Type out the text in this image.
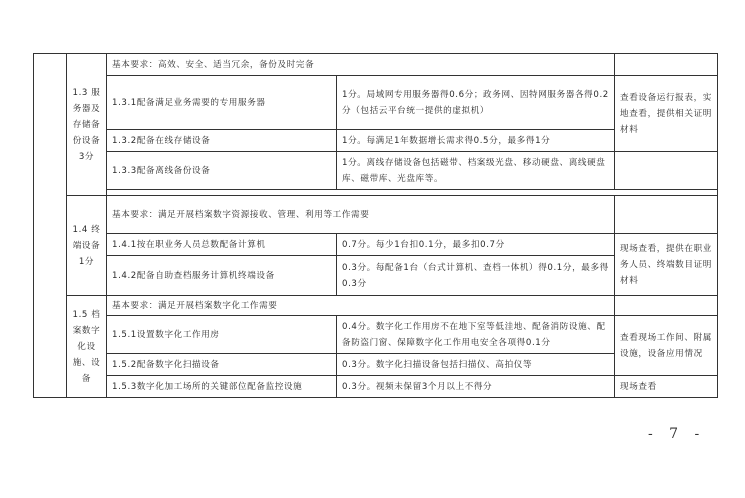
	1.3 服务器及存储备份设备3分	基本要求：高效、安全、适当冗余，备份及时完备		
		1.3.1配备满足业务需要的专用服务器	1分。局域网专用服务器得0.6分；政务网、因特网服务器各得0.2分（包括云平台统一提供的虚拟机）	查看设备运行报表，实地查看，提供相关证明材料
		1.3.2配备在线存储设备	1分。每满足1年数据增长需求得0.5分，最多得1分	
		1.3.3配备离线备份设备	1分。离线存储设备包括磁带、档案级光盘、移动硬盘、离线硬盘库、磁带库、光盘库等。	

	1.4 终端设备1分	基本要求：满足开展档案数字资源接收、管理、利用等工作需要		
		1.4.1按在职业务人员总数配备计算机	0.7分。每少1台扣0.1分，最多扣0.7分	现场查看，提供在职业务人员、终端数目证明材料
		1.4.2配备自助查档服务计算机终端设备	0.3分。每配备1台（台式计算机、查档一体机）得0.1分，最多得0.3分	
	1.5 档案数字化设施、设备	基本要求：满足开展档案数字化工作需要		
		1.5.1设置数字化工作用房	0.4分。数字化工作用房不在地下室等低洼地、配备消防设施、配备防盗门窗、保障数字化工作用电安全各项得0.1分	查看现场工作间、附属设施，设备应用情况
		1.5.2配备数字化扫描设备	0.3分。数字化扫描设备包括扫描仪、高拍仪等	
		1.5.3数字化加工场所的关键部位配备监控设施	0.3分。视频未保留3个月以上不得分	现场查看
- 7 -
